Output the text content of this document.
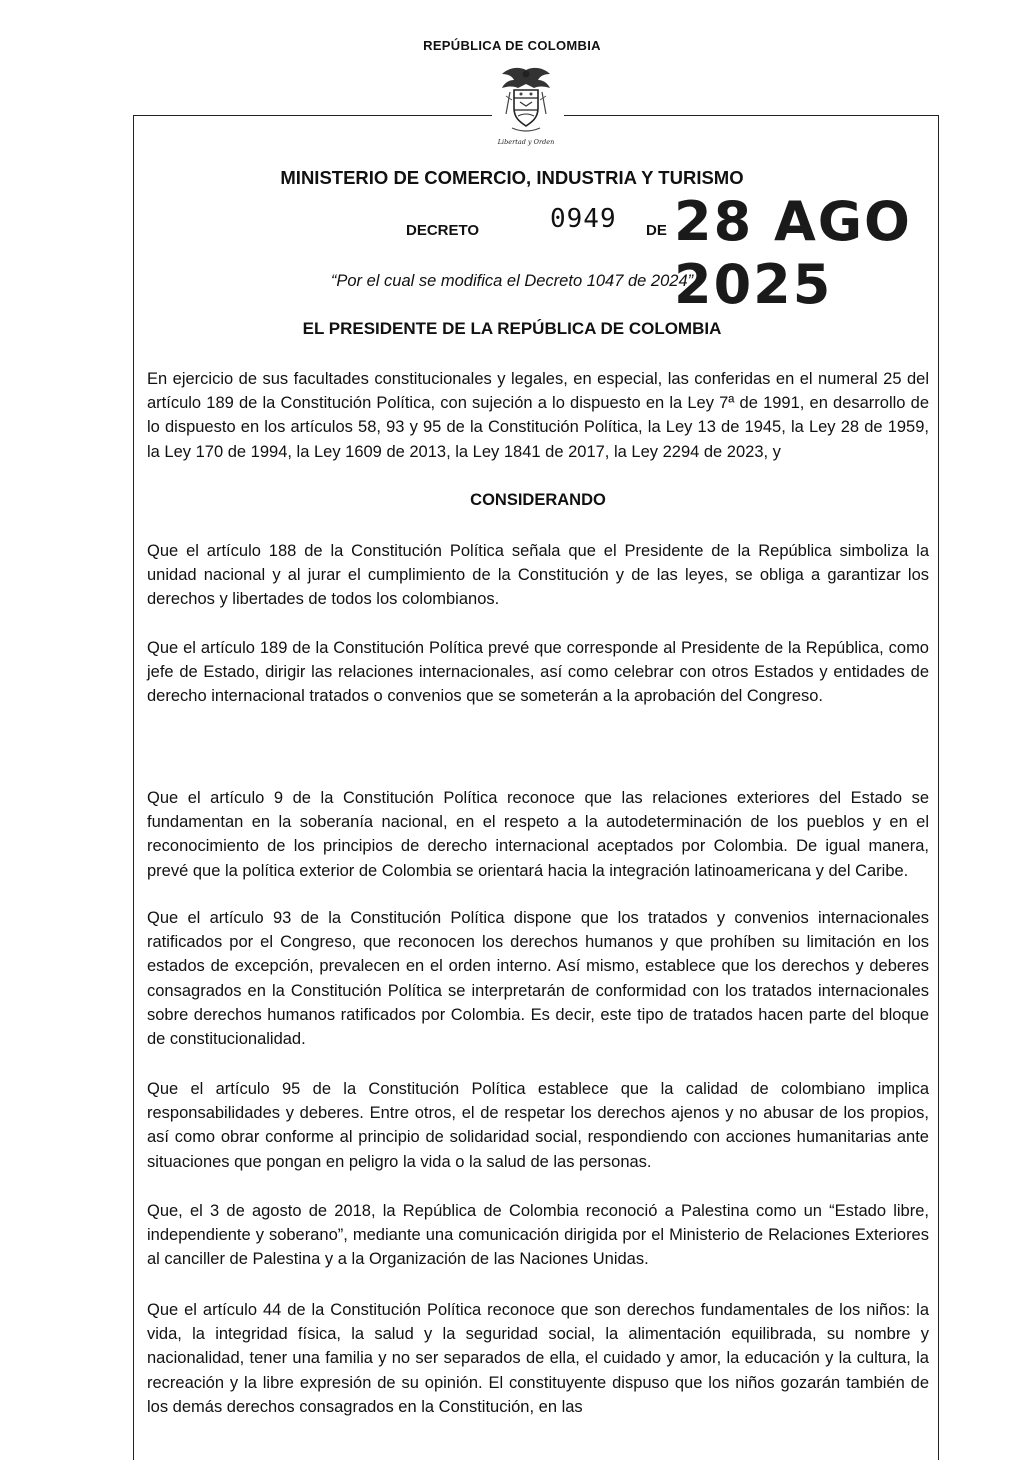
REPÚBLICA DE COLOMBIA
Libertad y Orden
MINISTERIO DE COMERCIO, INDUSTRIA Y TURISMO
DECRETO	0949 DE 28 AGO 2025
“Por el cual se modifica el Decreto 1047 de 2024”
EL PRESIDENTE DE LA REPÚBLICA DE COLOMBIA

En ejercicio de sus facultades constitucionales y legales, en especial, las conferidas en el numeral 25 del artículo 189 de la Constitución Política, con sujeción a lo dispuesto en la Ley 7ª de 1991, en desarrollo de lo dispuesto en los artículos 58, 93 y 95 de la Constitución Política, la Ley 13 de 1945, la Ley 28 de 1959, la Ley 170 de 1994, la Ley 1609 de 2013, la Ley 1841 de 2017, la Ley 2294 de 2023, y

CONSIDERANDO

Que el artículo 188 de la Constitución Política señala que el Presidente de la República simboliza la unidad nacional y al jurar el cumplimiento de la Constitución y de las leyes, se obliga a garantizar los derechos y libertades de todos los colombianos.

Que el artículo 189 de la Constitución Política prevé que corresponde al Presidente de la República, como jefe de Estado, dirigir las relaciones internacionales, así como celebrar con otros Estados y entidades de derecho internacional tratados o convenios que se someterán a la aprobación del Congreso.

Que el artículo 9 de la Constitución Política reconoce que las relaciones exteriores del Estado se fundamentan en la soberanía nacional, en el respeto a la autodeterminación de los pueblos y en el reconocimiento de los principios de derecho internacional aceptados por Colombia. De igual manera, prevé que la política exterior de Colombia se orientará hacia la integración latinoamericana y del Caribe.

Que el artículo 93 de la Constitución Política dispone que los tratados y convenios internacionales ratificados por el Congreso, que reconocen los derechos humanos y que prohíben su limitación en los estados de excepción, prevalecen en el orden interno. Así mismo, establece que los derechos y deberes consagrados en la Constitución Política se interpretarán de conformidad con los tratados internacionales sobre derechos humanos ratificados por Colombia. Es decir, este tipo de tratados hacen parte del bloque de constitucionalidad.

Que el artículo 95 de la Constitución Política establece que la calidad de colombiano implica responsabilidades y deberes. Entre otros, el de respetar los derechos ajenos y no abusar de los propios, así como obrar conforme al principio de solidaridad social, respondiendo con acciones humanitarias ante situaciones que pongan en peligro la vida o la salud de las personas.

Que, el 3 de agosto de 2018, la República de Colombia reconoció a Palestina como un “Estado libre, independiente y soberano”, mediante una comunicación dirigida por el Ministerio de Relaciones Exteriores al canciller de Palestina y a la Organización de las Naciones Unidas.

Que el artículo 44 de la Constitución Política reconoce que son derechos fundamentales de los niños: la vida, la integridad física, la salud y la seguridad social, la alimentación equilibrada, su nombre y nacionalidad, tener una familia y no ser separados de ella, el cuidado y amor, la educación y la cultura, la recreación y la libre expresión de su opinión. El constituyente dispuso que los niños gozarán también de los demás derechos consagrados en la Constitución, en las
